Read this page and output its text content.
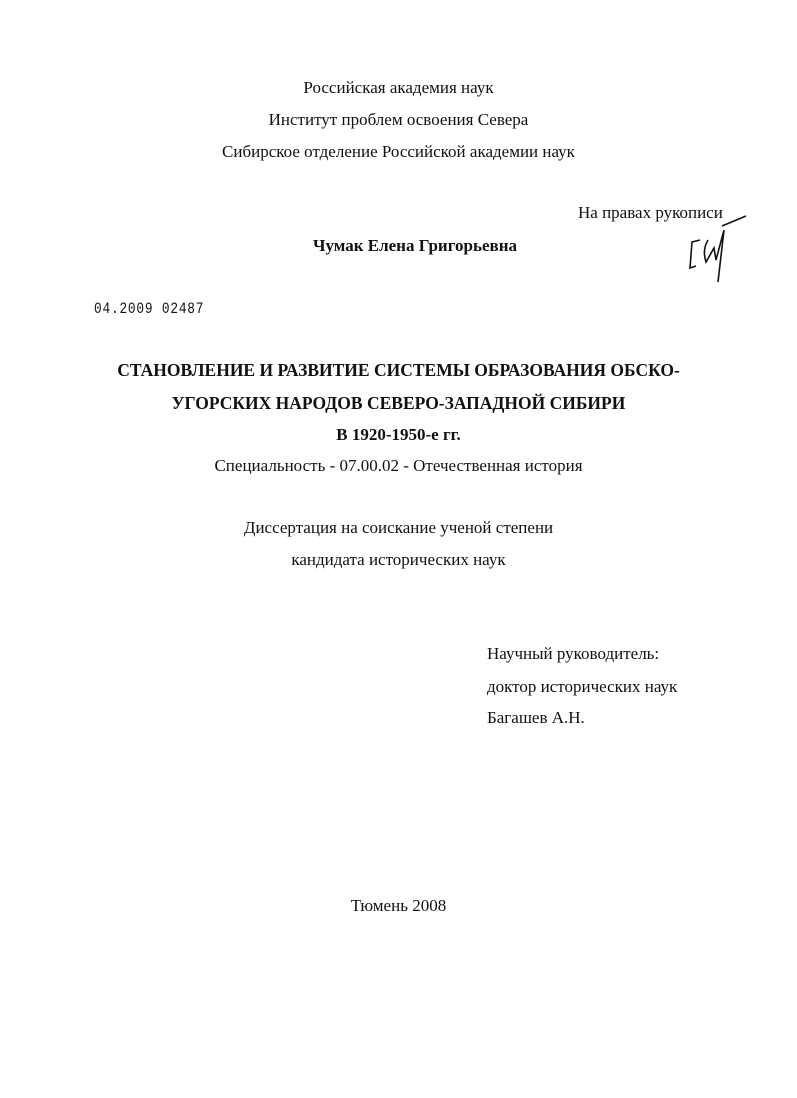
Российская академия наук
Институт проблем освоения Севера
Сибирское отделение Российской академии наук
На правах рукописи
Чумак Елена Григорьевна
04.2009 02487
СТАНОВЛЕНИЕ И РАЗВИТИЕ СИСТЕМЫ ОБРАЗОВАНИЯ ОБСКО-
УГОРСКИХ НАРОДОВ СЕВЕРО-ЗАПАДНОЙ СИБИРИ
В 1920-1950-е гг.
Специальность - 07.00.02 - Отечественная история
Диссертация на соискание ученой степени
кандидата исторических наук
Научный руководитель:
доктор исторических наук
Багашев А.Н.
Тюмень 2008
